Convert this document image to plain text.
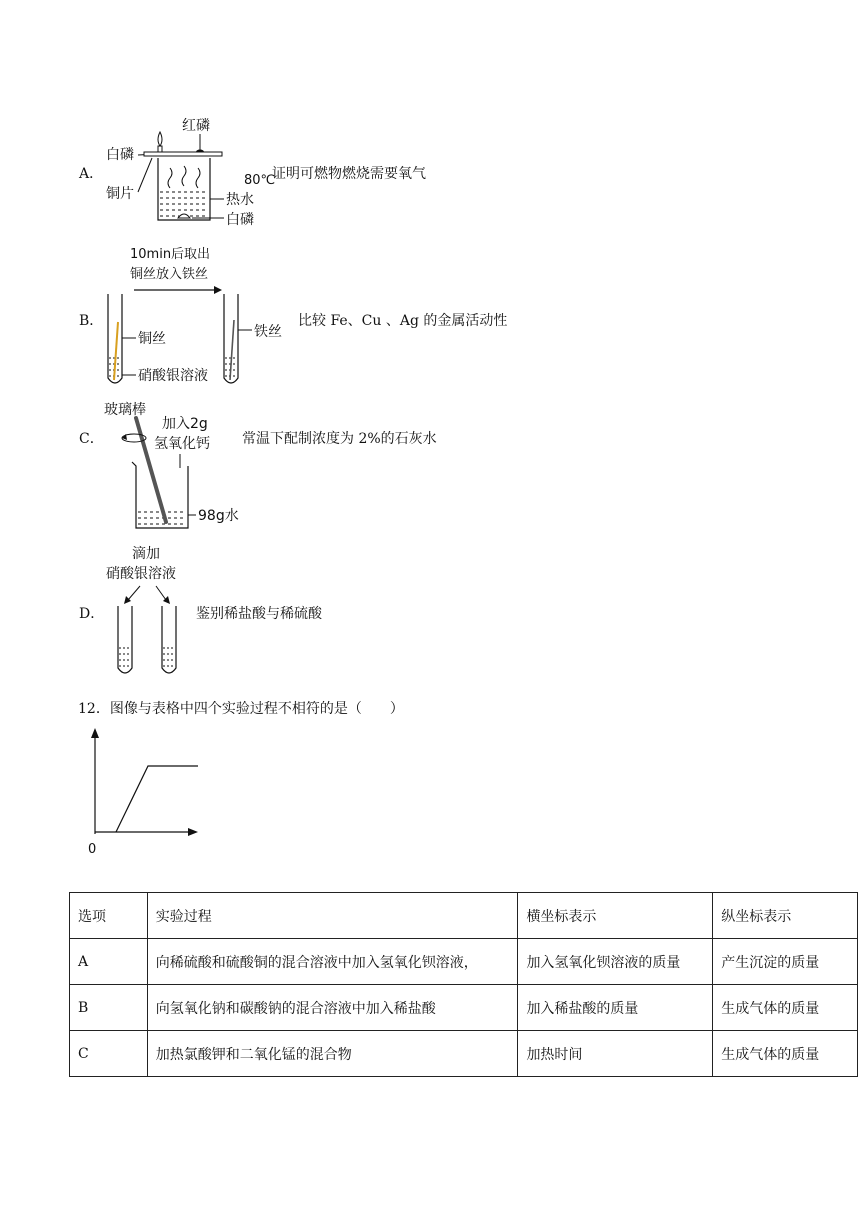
A．
红磷
白磷
铜片
80℃
热水
白磷
证明可燃物燃烧需要氧气
B．
10min后取出
铜丝放入铁丝
铜丝
硝酸银溶液
铁丝
比较 Fe、Cu 、Ag 的金属活动性
C．
玻璃棒
加入2g
氢氧化钙
98g水
常温下配制浓度为 2%的石灰水
D．
滴加
硝酸银溶液
鉴别稀盐酸与稀硫酸
12．图像与表格中四个实验过程不相符的是（　　）
0
选项	实验过程	横坐标表示	纵坐标表示
A	向稀硫酸和硫酸铜的混合溶液中加入氢氧化钡溶液，	加入氢氧化钡溶液的质量	产生沉淀的质量
B	向氢氧化钠和碳酸钠的混合溶液中加入稀盐酸	加入稀盐酸的质量	生成气体的质量
C	加热氯酸钾和二氧化锰的混合物	加热时间	生成气体的质量
